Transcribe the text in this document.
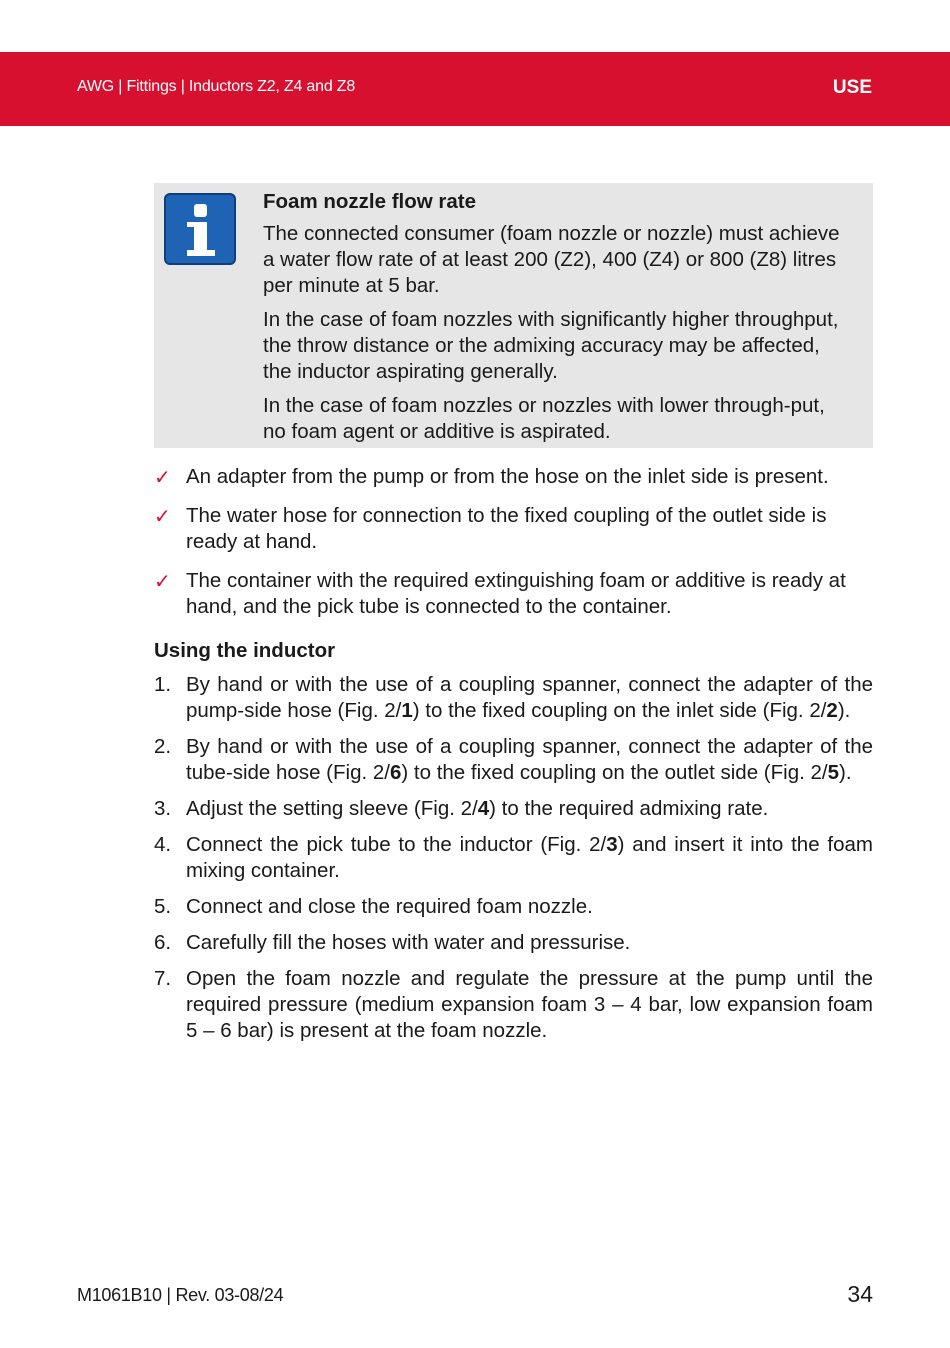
AWG | Fittings | Inductors Z2, Z4 and Z8	USE
Foam nozzle flow rate

The connected consumer (foam nozzle or nozzle) must achieve a water flow rate of at least 200 (Z2), 400 (Z4) or 800 (Z8) litres per minute at 5 bar.

In the case of foam nozzles with significantly higher throughput, the throw distance or the admixing accuracy may be affected, the inductor aspirating generally.

In the case of foam nozzles or nozzles with lower through-put, no foam agent or additive is aspirated.

✓ An adapter from the pump or from the hose on the inlet side is present.
✓ The water hose for connection to the fixed coupling of the outlet side is ready at hand.
✓ The container with the required extinguishing foam or additive is ready at hand, and the pick tube is connected to the container.
Using the inductor
1. By hand or with the use of a coupling spanner, connect the adapter of the pump-side hose (Fig. 2/1) to the fixed coupling on the inlet side (Fig. 2/2).
2. By hand or with the use of a coupling spanner, connect the adapter of the tube-side hose (Fig. 2/6) to the fixed coupling on the outlet side (Fig. 2/5).
3. Adjust the setting sleeve (Fig. 2/4) to the required admixing rate.
4. Connect the pick tube to the inductor (Fig. 2/3) and insert it into the foam mixing container.
5. Connect and close the required foam nozzle.
6. Carefully fill the hoses with water and pressurise.
7. Open the foam nozzle and regulate the pressure at the pump until the required pressure (medium expansion foam 3 – 4 bar, low expansion foam 5 – 6 bar) is present at the foam nozzle.
M1061B10 | Rev. 03-08/24	34
